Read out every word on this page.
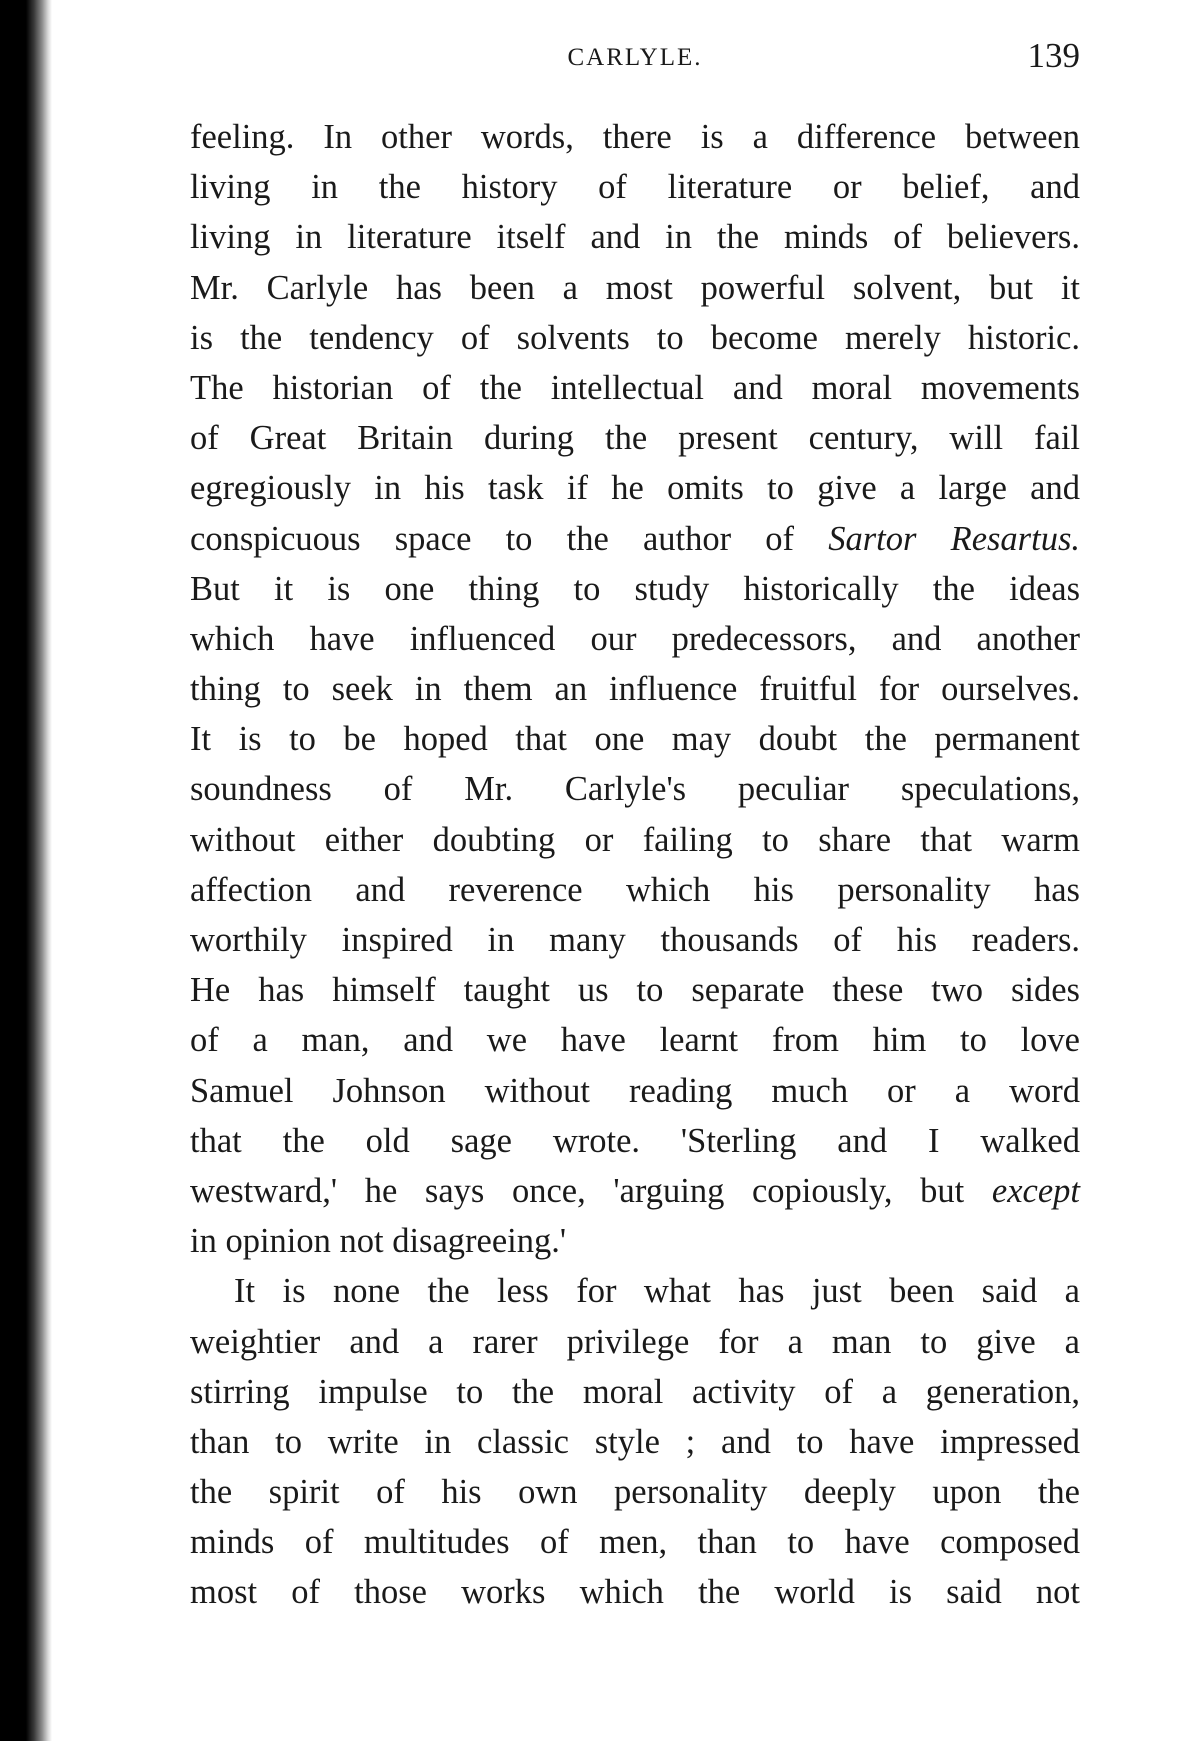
CARLYLE.	139
feeling. In other words, there is a difference between
living in the history of literature or belief, and
living in literature itself and in the minds of believers.
Mr. Carlyle has been a most powerful solvent, but it
is the tendency of solvents to become merely historic.
The historian of the intellectual and moral movements
of Great Britain during the present century, will fail
egregiously in his task if he omits to give a large and
conspicuous space to the author of Sartor Resartus.
But it is one thing to study historically the ideas
which have influenced our predecessors, and another
thing to seek in them an influence fruitful for ourselves.
It is to be hoped that one may doubt the permanent
soundness of Mr. Carlyle's peculiar speculations,
without either doubting or failing to share that warm
affection and reverence which his personality has
worthily inspired in many thousands of his readers.
He has himself taught us to separate these two sides
of a man, and we have learnt from him to love
Samuel Johnson without reading much or a word
that the old sage wrote. 'Sterling and I walked
westward,' he says once, 'arguing copiously, but except
in opinion not disagreeing.'
It is none the less for what has just been said a
weightier and a rarer privilege for a man to give a
stirring impulse to the moral activity of a generation,
than to write in classic style ; and to have impressed
the spirit of his own personality deeply upon the
minds of multitudes of men, than to have composed
most of those works which the world is said not
